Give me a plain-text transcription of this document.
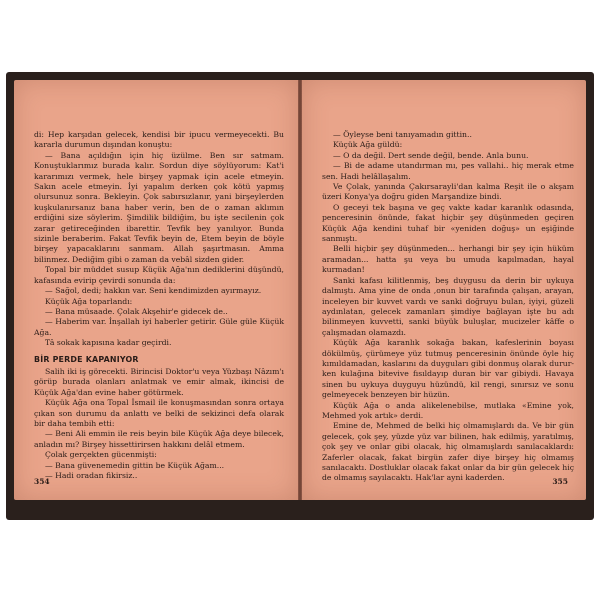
di: Hep karşıdan gelecek, kendisi bir ipucu vermeyecekti. Bu kararla durumun dışından konuştu:

— Bana açıldığın için hiç üzülme. Ben sır satmam. Konuştuklarımız burada kalır. Sordun diye söylüyorum: Kat'i kararımızı vermek, hele birşey yapmak için acele etmeyin. Sakın acele etmeyin. İyi yapalım derken çok kötü yapmış olursunuz sonra. Bekleyin. Çok sabırsızlanır, yani birşeylerden kuşkulanırsanız bana haber verin, ben de o zaman aklımın erdiğini size söylerim. Şimdilik bildiğim, bu işte secilenin çok zarar getireceğinden ibarettir. Tevfik bey yanılıyor. Bunda sizinle beraberim. Fakat Tevfik beyin de, Etem beyin de böyle birşey yapacaklarını sanmam. Allah şaşırtmasın. Amma bilinmez. Dediğim gibi o zaman da vebâl sizden gider.

Topal bir müddet susup Küçük Ağa'nın dediklerini düşündü, kafasında evirip çevirdi sonunda da:

— Sağol, dedi; hakkın var. Seni kendimizden ayırmayız.

Küçük Ağa toparlandı:

— Bana müsaade. Çolak Akşehir'e gidecek de..

— Haberim var. İnşallah iyi haberler getirir. Güle güle Küçük Ağa.

Tâ sokak kapısına kadar geçirdi.

BİR PERDE KAPANIYOR

Salih iki iş görecekti. Birincisi Doktor'u veya Yüzbaşı Nâzım'ı görüp burada olanları anlatmak ve emir almak, ikincisi de Küçük Ağa'dan evine haber götürmek.

Küçük Ağa ona Topal İsmail ile konuşmasından sonra ortaya çıkan son durumu da anlattı ve belki de sekizinci defa olarak bir daha tembih etti:

— Beni Ali emmin ile reis beyin bile Küçük Ağa deye bilecek, anladın mı? Birşey hissettirirsen hakkını delâl etmem.

Çolak gerçekten gücenmişti:

— Bana güvenemedin gittin be Küçük Ağam...

— Hadi oradan fikirsiz..

354

— Öyleyse beni tanıyamadın gittin..

Küçük Ağa güldü:

— O da değil. Dert sende değil, bende. Anla bunu.

— Bi de adame utandırman mı, pes vallahi.. hiç merak etme sen. Hadi helâllaşalım.

Ve Çolak, yanında Çakırsarayli'dan kalma Reşit ile o akşam üzeri Konya'ya doğru giden Marşandize bindi.

O geceyi tek başına ve geç vakte kadar karanlık odasında, penceresinin önünde, fakat hiçbir şey düşünmeden geçiren Küçük Ağa kendini tuhaf bir «yeniden doğuş» un eşiğinde sanmıştı.

Belli hiçbir şey düşünmeden... herhangi bir şey için hüküm aramadan... hatta şu veya bu umuda kapılmadan, hayal kurmadan!

Sanki kafası kilitlenmiş, beş duygusu da derin bir uykuya dalmıştı. Ama yine de onda ,onun bir tarafında çalışan, arayan, inceleyen bir kuvvet vardı ve sanki doğruyu bulan, iyiyi, güzeli aydınlatan, gelecek zamanları şimdiye bağlayan işte bu adı bilinmeyen kuvvetti, sanki büyük buluşlar, mucizeler kâffe o çalışmadan olamazdı.

Küçük Ağa karanlık sokağa bakan, kafeslerinin boyası dökülmüş, çürümeye yüz tutmuş penceresinin önünde öyle hiç kımıldamadan, kaslarını da duyguları gibi donmuş olarak durur-ken kulağına bitevive fısıldayıp duran bir var gibiydi. Havaya sinen bu uykuya duyguyu hüzündü, kil rengi, sınırsız ve sonu gelmeyecek benzeyen bir hüzün.

Küçük Ağa o anda alikelenebilse, mutlaka «Emine yok, Mehmed yok artık» derdi.

Emine de, Mehmed de belki hiç olmamışlardı da. Ve bir gün gelecek, çok şey, yüzde yüz var bilinen, hak edilmiş, yaratılmış, çok şey ve onlar gibi olacak, hiç olmamışlardı sanılacaklardı: Zaferler olacak, fakat birgün zafer diye birşey hiç olmamış sanılacaktı. Dostluklar olacak fakat onlar da bir gün gelecek hiç de olmamış sayılacaktı. Hak'lar ayni kaderden.	355
